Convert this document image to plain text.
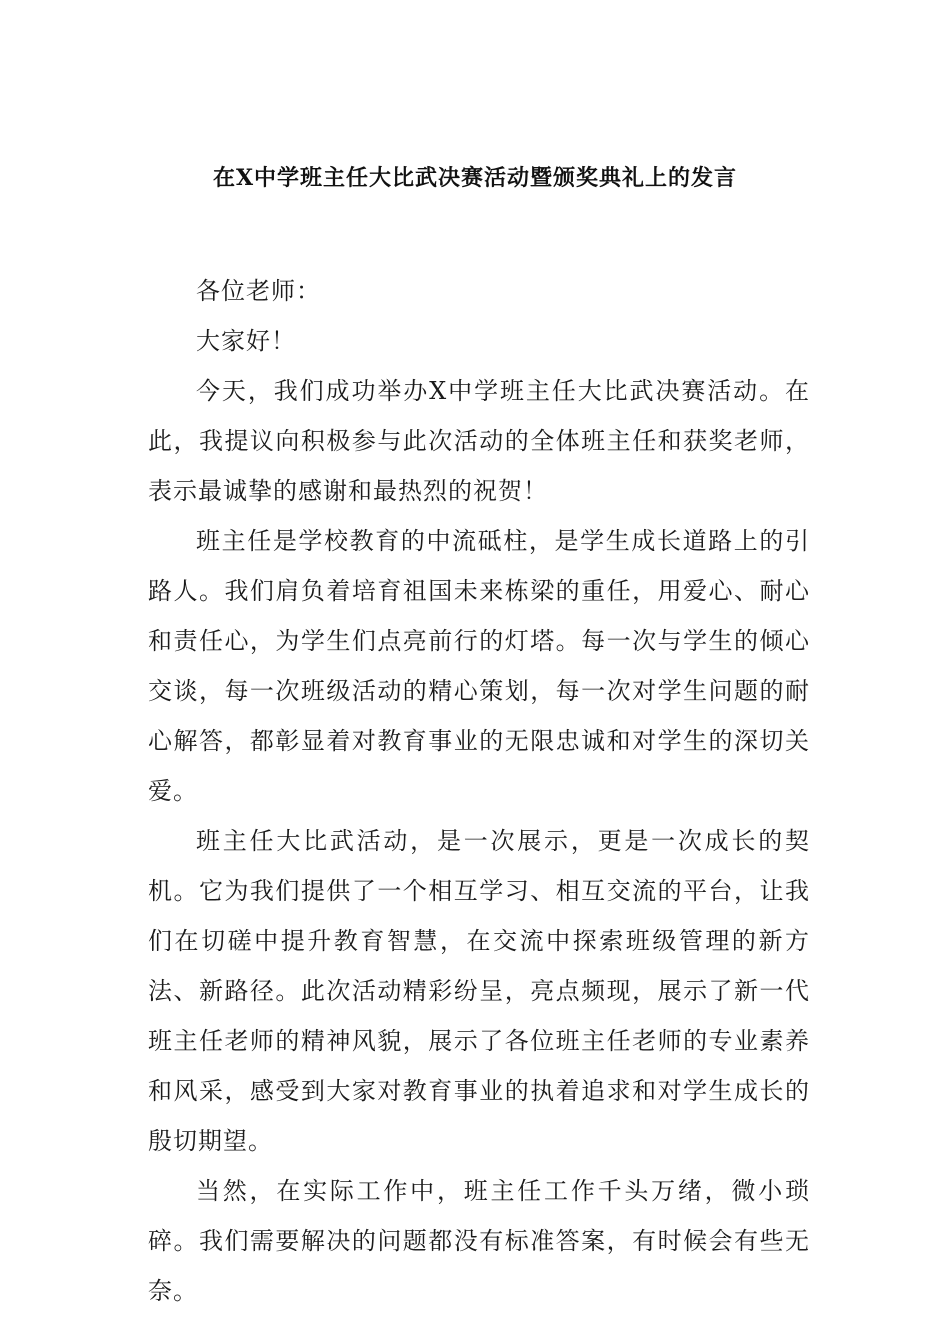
在X中学班主任大比武决赛活动暨颁奖典礼上的发言

各位老师：

大家好！

今天，我们成功举办X中学班主任大比武决赛活动。在此，我提议向积极参与此次活动的全体班主任和获奖老师，表示最诚挚的感谢和最热烈的祝贺！

班主任是学校教育的中流砥柱，是学生成长道路上的引路人。我们肩负着培育祖国未来栋梁的重任，用爱心、耐心和责任心，为学生们点亮前行的灯塔。每一次与学生的倾心交谈，每一次班级活动的精心策划，每一次对学生问题的耐心解答，都彰显着对教育事业的无限忠诚和对学生的深切关爱。

班主任大比武活动，是一次展示，更是一次成长的契机。它为我们提供了一个相互学习、相互交流的平台，让我们在切磋中提升教育智慧，在交流中探索班级管理的新方法、新路径。此次活动精彩纷呈，亮点频现，展示了新一代班主任老师的精神风貌，展示了各位班主任老师的专业素养和风采，感受到大家对教育事业的执着追求和对学生成长的殷切期望。

当然，在实际工作中，班主任工作千头万绪，微小琐碎。我们需要解决的问题都没有标准答案，有时候会有些无奈。
